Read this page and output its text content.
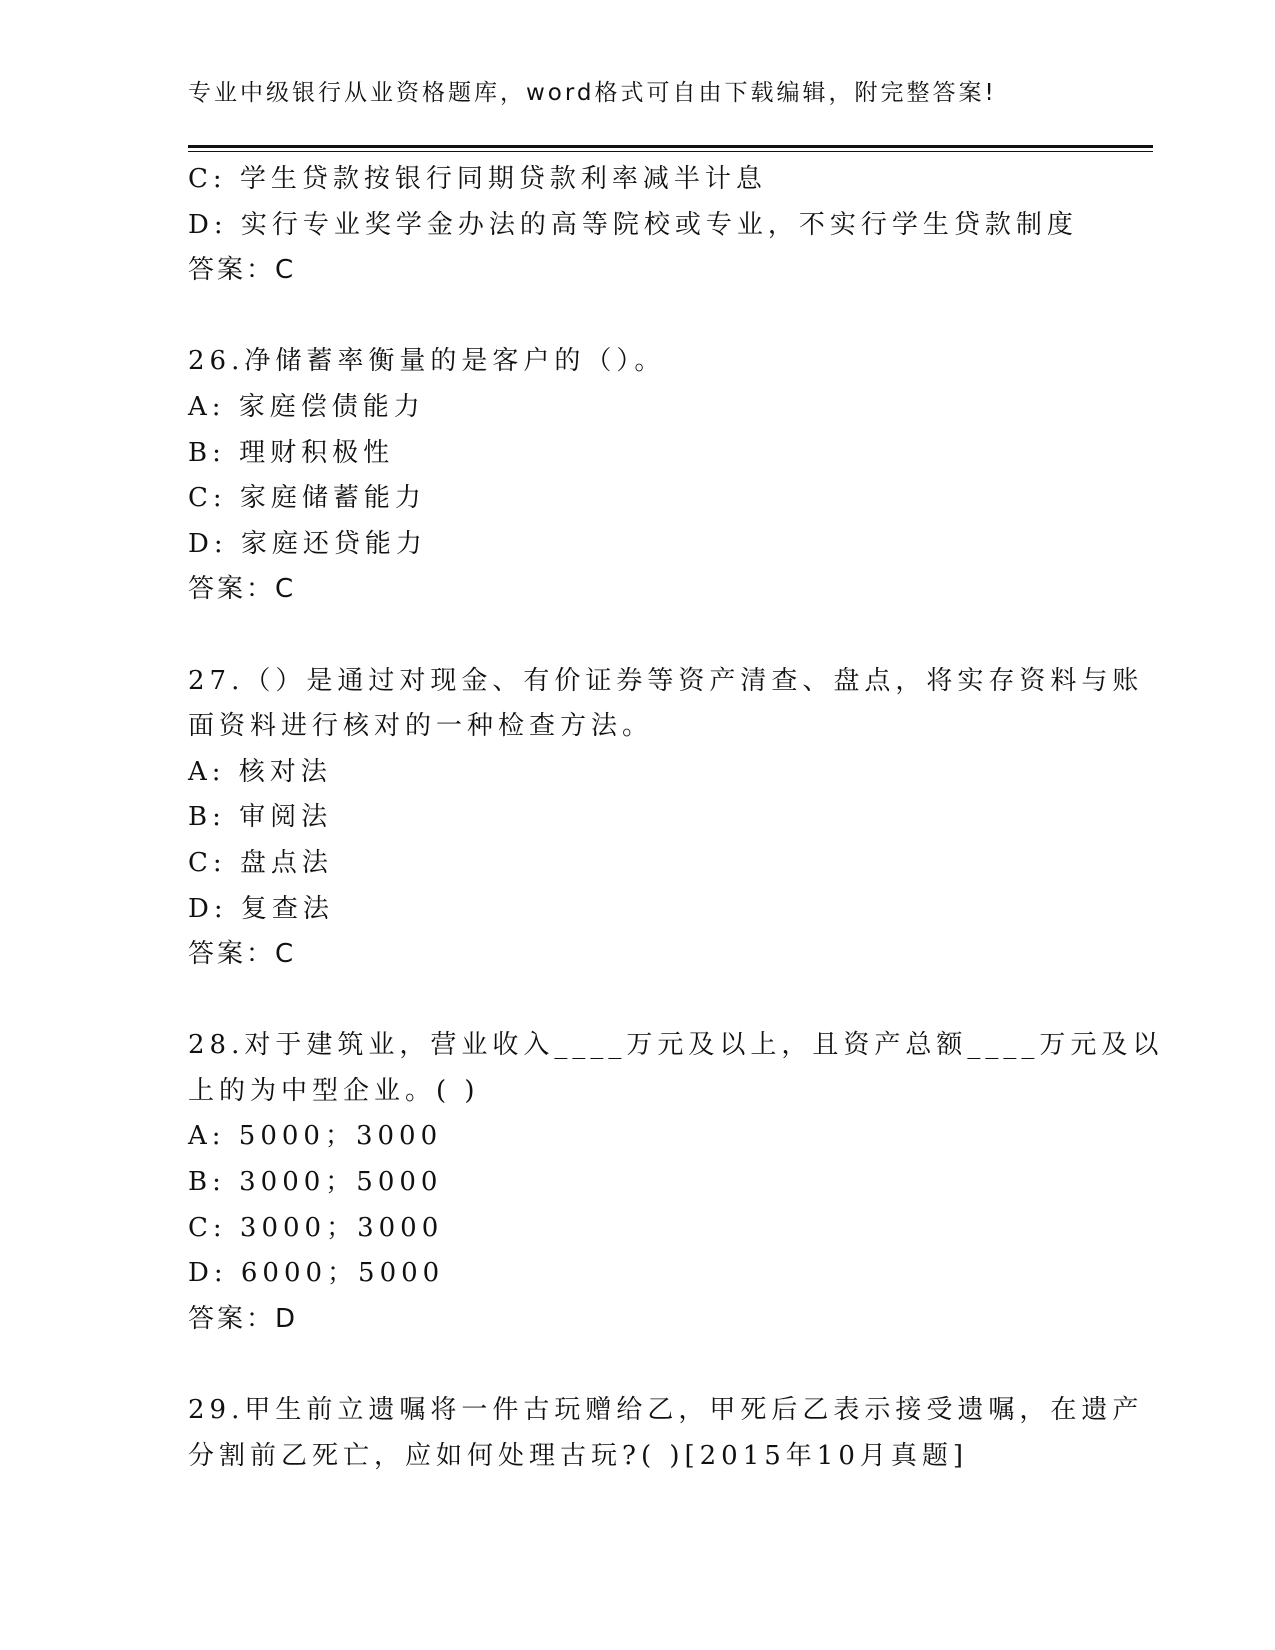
专业中级银行从业资格题库，word格式可自由下载编辑，附完整答案!
C: 学生贷款按银行同期贷款利率减半计息
D: 实行专业奖学金办法的高等院校或专业，不实行学生贷款制度
答案：C
26.净储蓄率衡量的是客户的（）。
A: 家庭偿债能力
B: 理财积极性
C: 家庭储蓄能力
D: 家庭还贷能力
答案：C
27.（）是通过对现金、有价证券等资产清查、盘点，将实存资料与账
面资料进行核对的一种检查方法。
A: 核对法
B: 审阅法
C: 盘点法
D: 复查法
答案：C
28.对于建筑业，营业收入____万元及以上，且资产总额____万元及以
上的为中型企业。( )
A: 5000；3000
B: 3000；5000
C: 3000；3000
D: 6000；5000
答案：D
29.甲生前立遗嘱将一件古玩赠给乙，甲死后乙表示接受遗嘱，在遗产
分割前乙死亡，应如何处理古玩?( )[2015年10月真题]
